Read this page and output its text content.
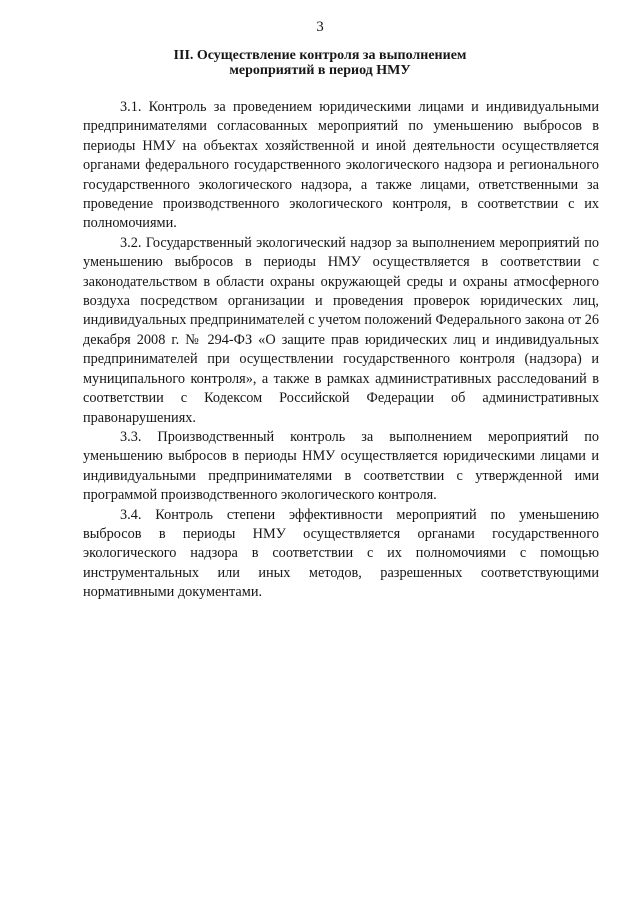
3
III. Осуществление контроля за выполнением
мероприятий в период НМУ

3.1. Контроль за проведением юридическими лицами и индивидуальными предпринимателями согласованных мероприятий по уменьшению выбросов в периоды НМУ на объектах хозяйственной и иной деятельности осуществляется органами федерального государственного экологического надзора и регионального государственного экологического надзора, а также лицами, ответственными за проведение производственного экологического контроля, в соответствии с их полномочиями.

3.2. Государственный экологический надзор за выполнением мероприятий по уменьшению выбросов в периоды НМУ осуществляется в соответствии с законодательством в области охраны окружающей среды и охраны атмосферного воздуха посредством организации и проведения проверок юридических лиц, индивидуальных предпринимателей с учетом положений Федерального закона от 26 декабря 2008 г. № 294-ФЗ «О защите прав юридических лиц и индивидуальных предпринимателей при осуществлении государственного контроля (надзора) и муниципального контроля», а также в рамках административных расследований в соответствии с Кодексом Российской Федерации об административных правонарушениях.

3.3. Производственный контроль за выполнением мероприятий по уменьшению выбросов в периоды НМУ осуществляется юридическими лицами и индивидуальными предпринимателями в соответствии с утвержденной ими программой производственного экологического контроля.

3.4. Контроль степени эффективности мероприятий по уменьшению выбросов в периоды НМУ осуществляется органами государственного экологического надзора в соответствии с их полномочиями с помощью инструментальных или иных методов, разрешенных соответствующими нормативными документами.
